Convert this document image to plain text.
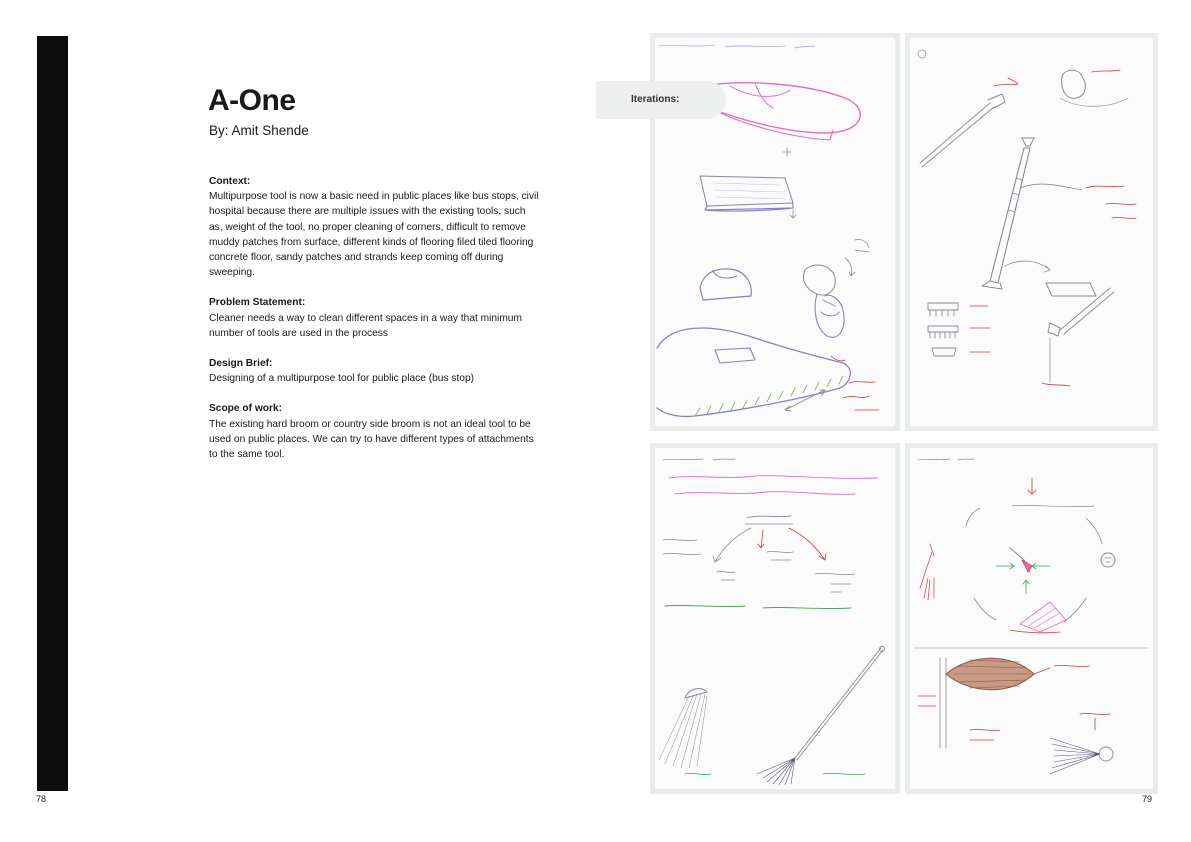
78	79
A-One
By: Amit Shende
Context:
Multipurpose tool is now a basic need in public places like bus stops, civil hospital because there are multiple issues with the existing tools, such as, weight of the tool, no proper cleaning of corners, difficult to remove muddy patches from surface, different kinds of flooring filed tiled flooring concrete floor, sandy patches and strands keep coming off during sweeping.
Problem Statement:
Cleaner needs a way to clean different spaces in a way that minimum number of tools are used in the process
Design Brief:
Designing of a multipurpose tool for public place (bus stop)
Scope of work:
The existing hard broom or country side broom is not an ideal tool to be used on public places. We can try to have different types of attachments to the same tool.
Iterations:
